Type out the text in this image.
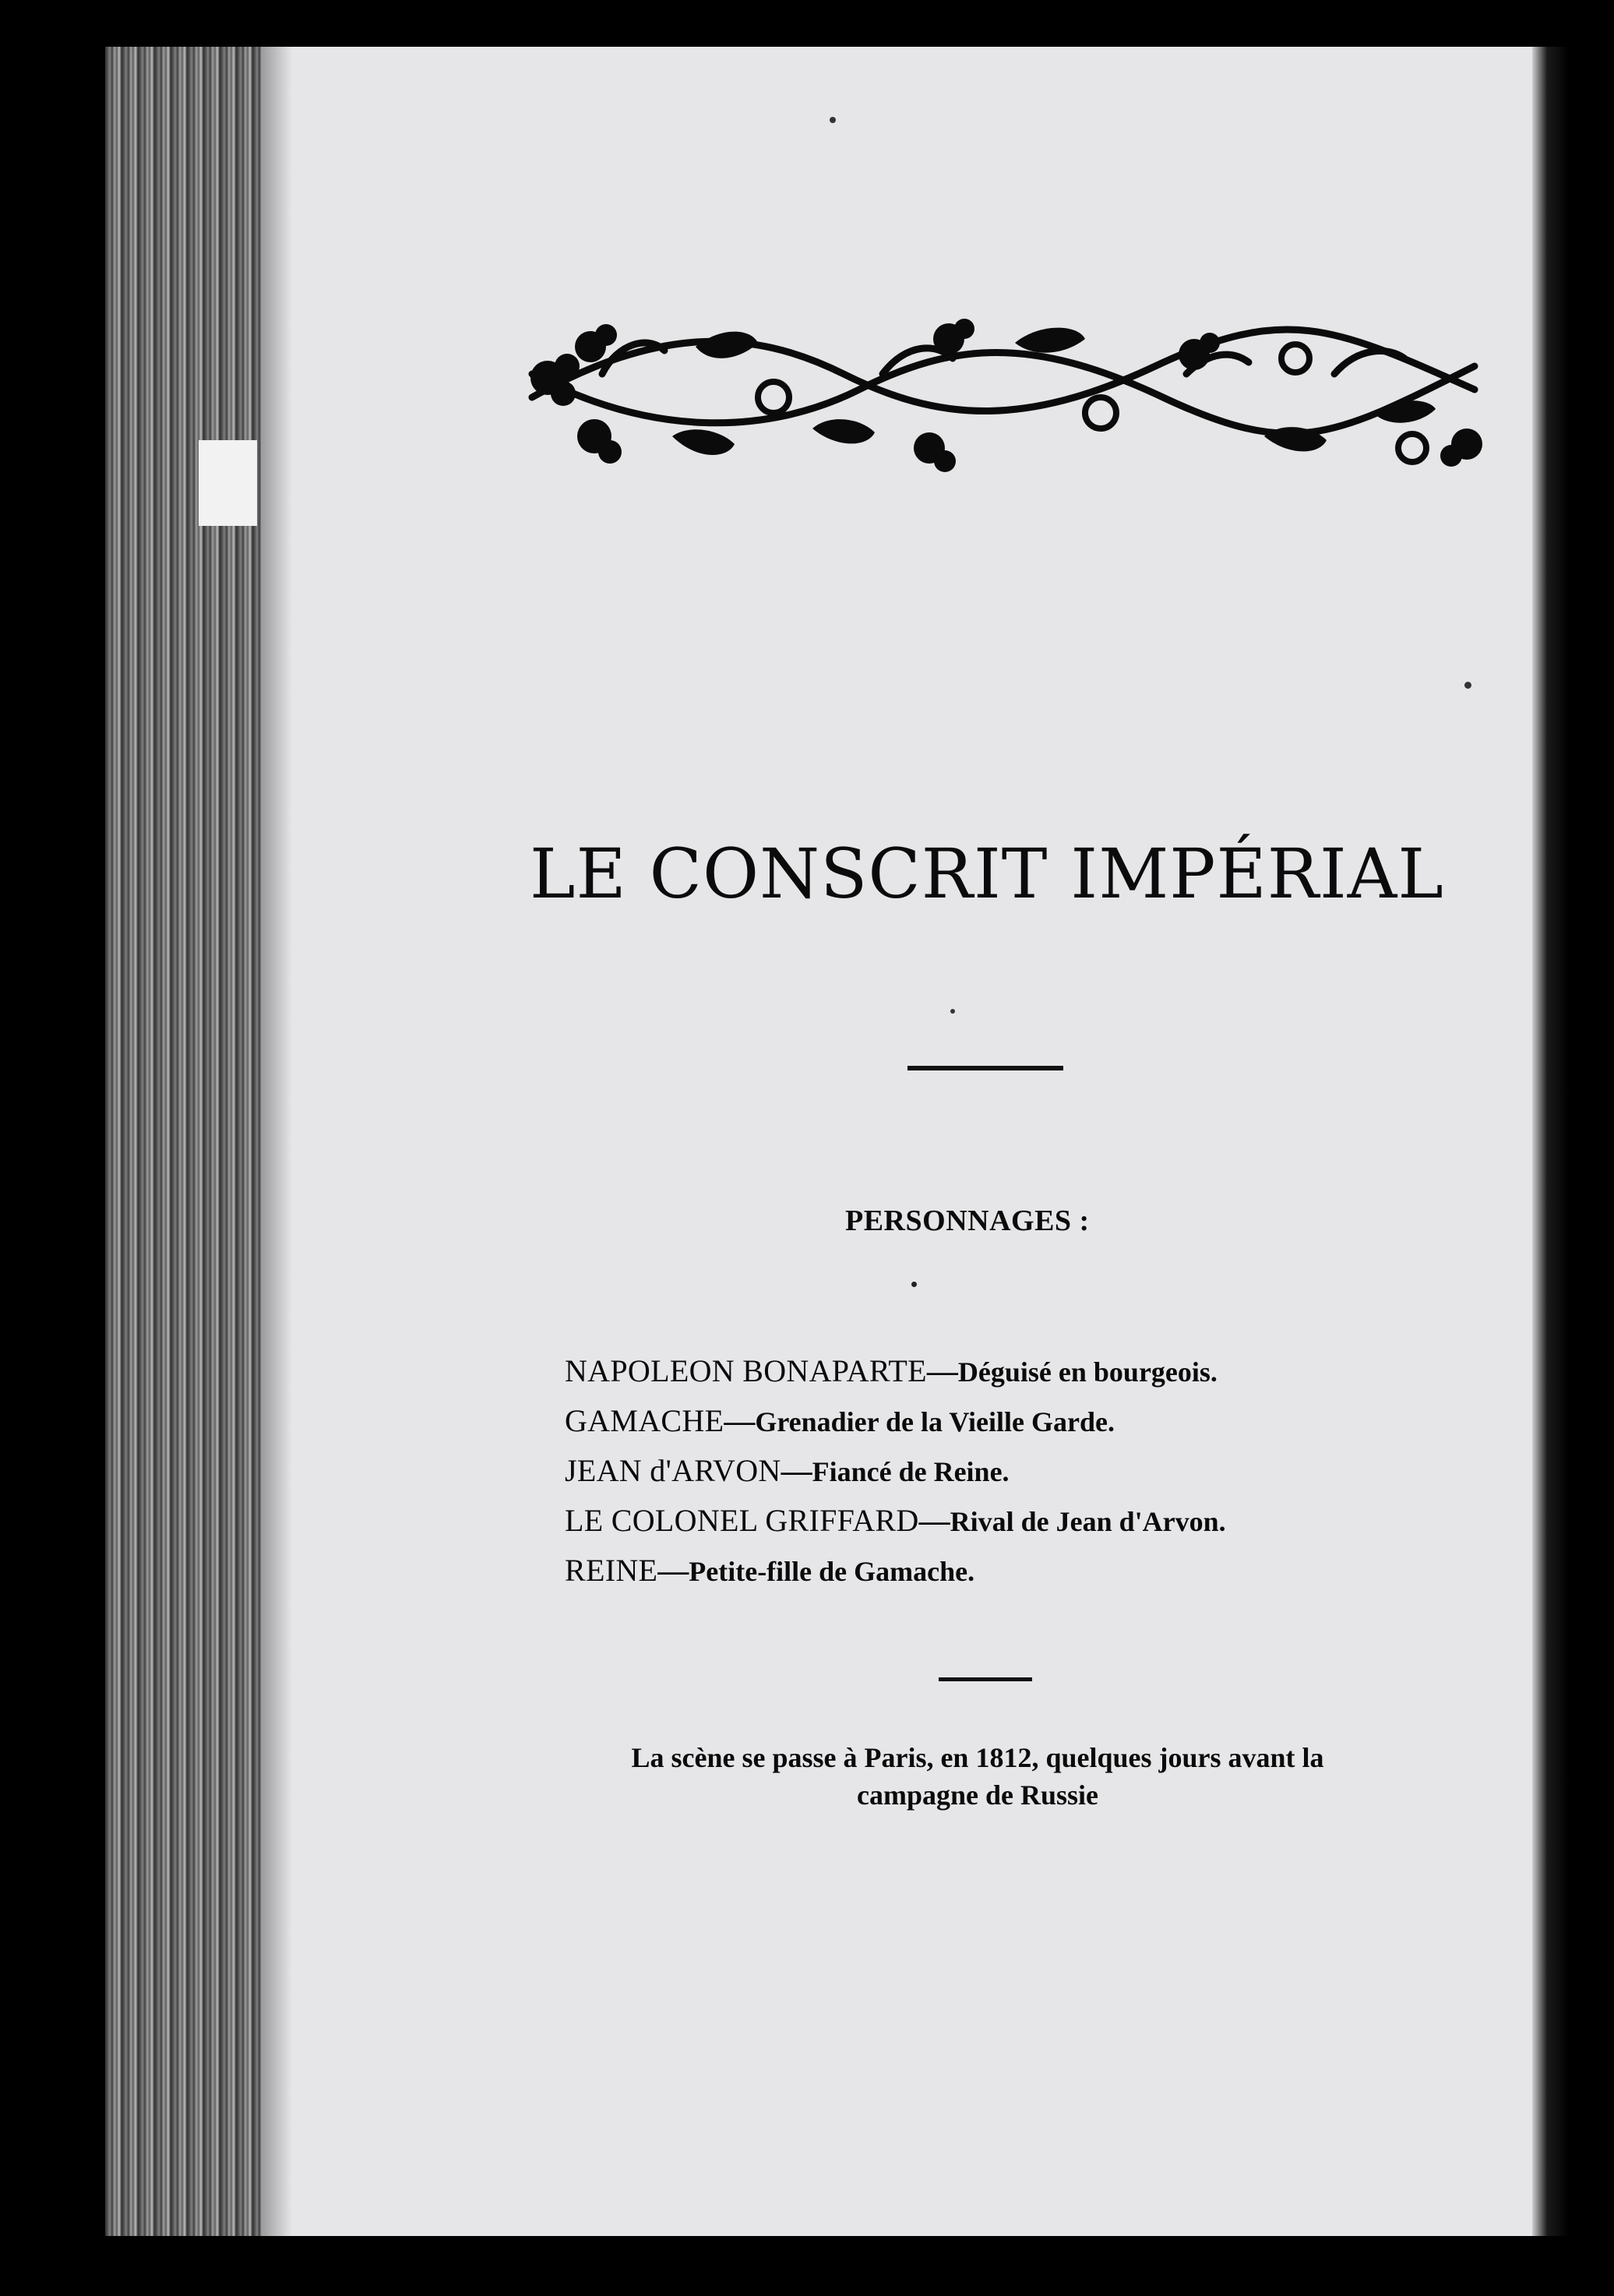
LE CONSCRIT IMPÉRIAL
PERSONNAGES :
NAPOLEON BONAPARTE—Déguisé en bourgeois.
GAMACHE—Grenadier de la Vieille Garde.
JEAN d'ARVON—Fiancé de Reine.
LE COLONEL GRIFFARD—Rival de Jean d'Arvon.
REINE—Petite-fille de Gamache.
La scène se passe à Paris, en 1812, quelques jours avant la
campagne de Russie
